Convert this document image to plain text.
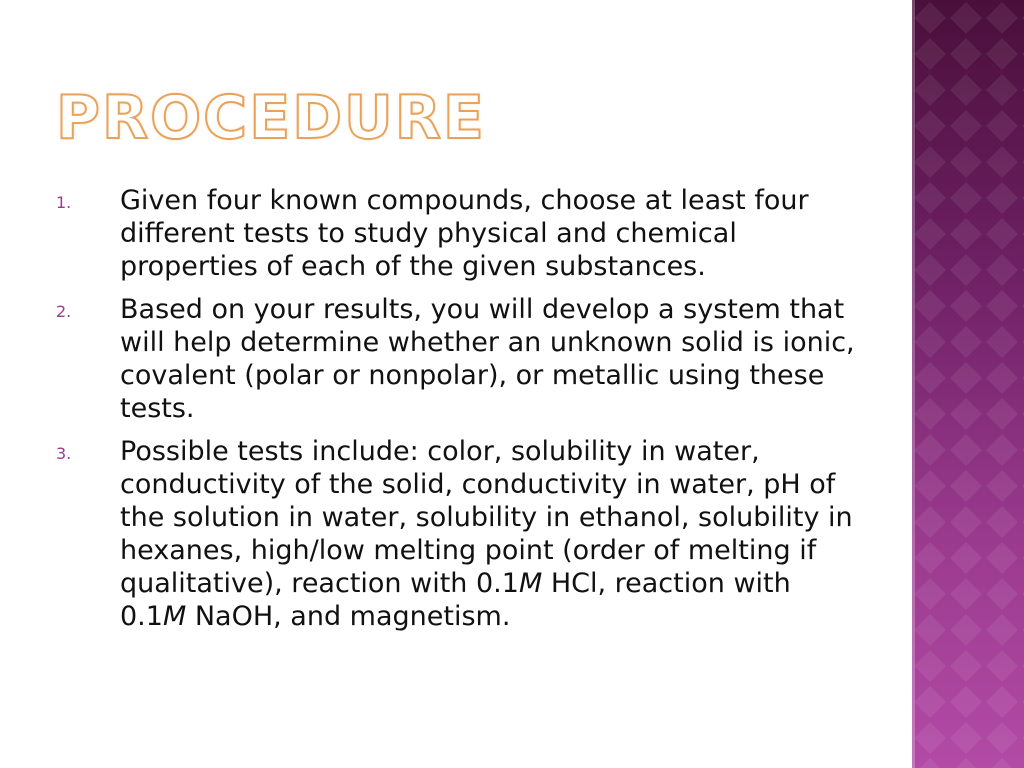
PROCEDURE
1.	Given four known compounds, choose at least four different tests to study physical and chemical properties of each of the given substances.
2.	Based on your results, you will develop a system that will help determine whether an unknown solid is ionic, covalent (polar or nonpolar), or metallic using these tests.
3.	Possible tests include: color, solubility in water, conductivity of the solid, conductivity in water, pH of the solution in water, solubility in ethanol, solubility in hexanes, high/low melting point (order of melting if qualitative), reaction with 0.1M HCl, reaction with 0.1M NaOH, and magnetism.
